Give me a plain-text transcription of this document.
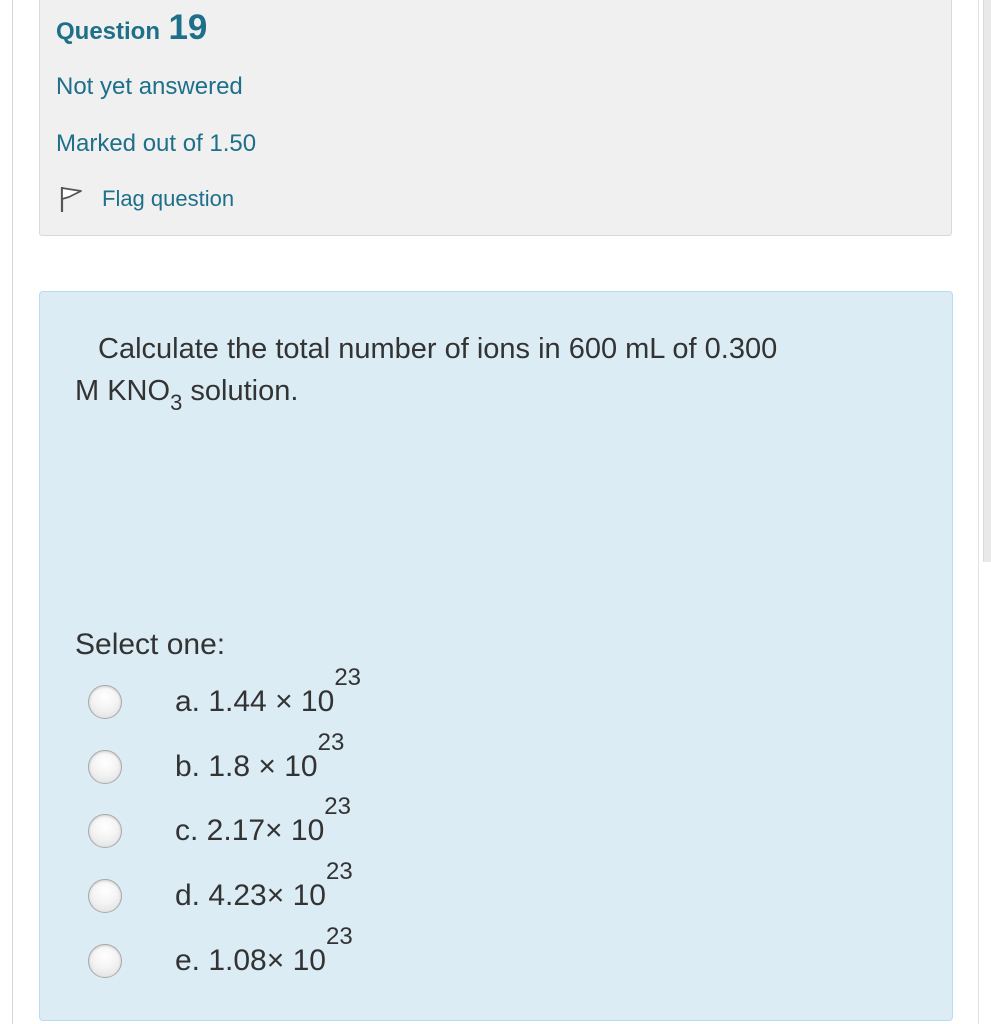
Question 19
Not yet answered
Marked out of 1.50
Flag question
Calculate the total number of ions in 600 mL of 0.300
M $KNO_3$ solution.
Select one:
a. $1.44 \times 10^{23}$
b. $1.8 \times 10^{23}$
c. $2.17\times 10^{23}$
d. $4.23\times 10^{23}$
e. $1.08\times 10^{23}$
